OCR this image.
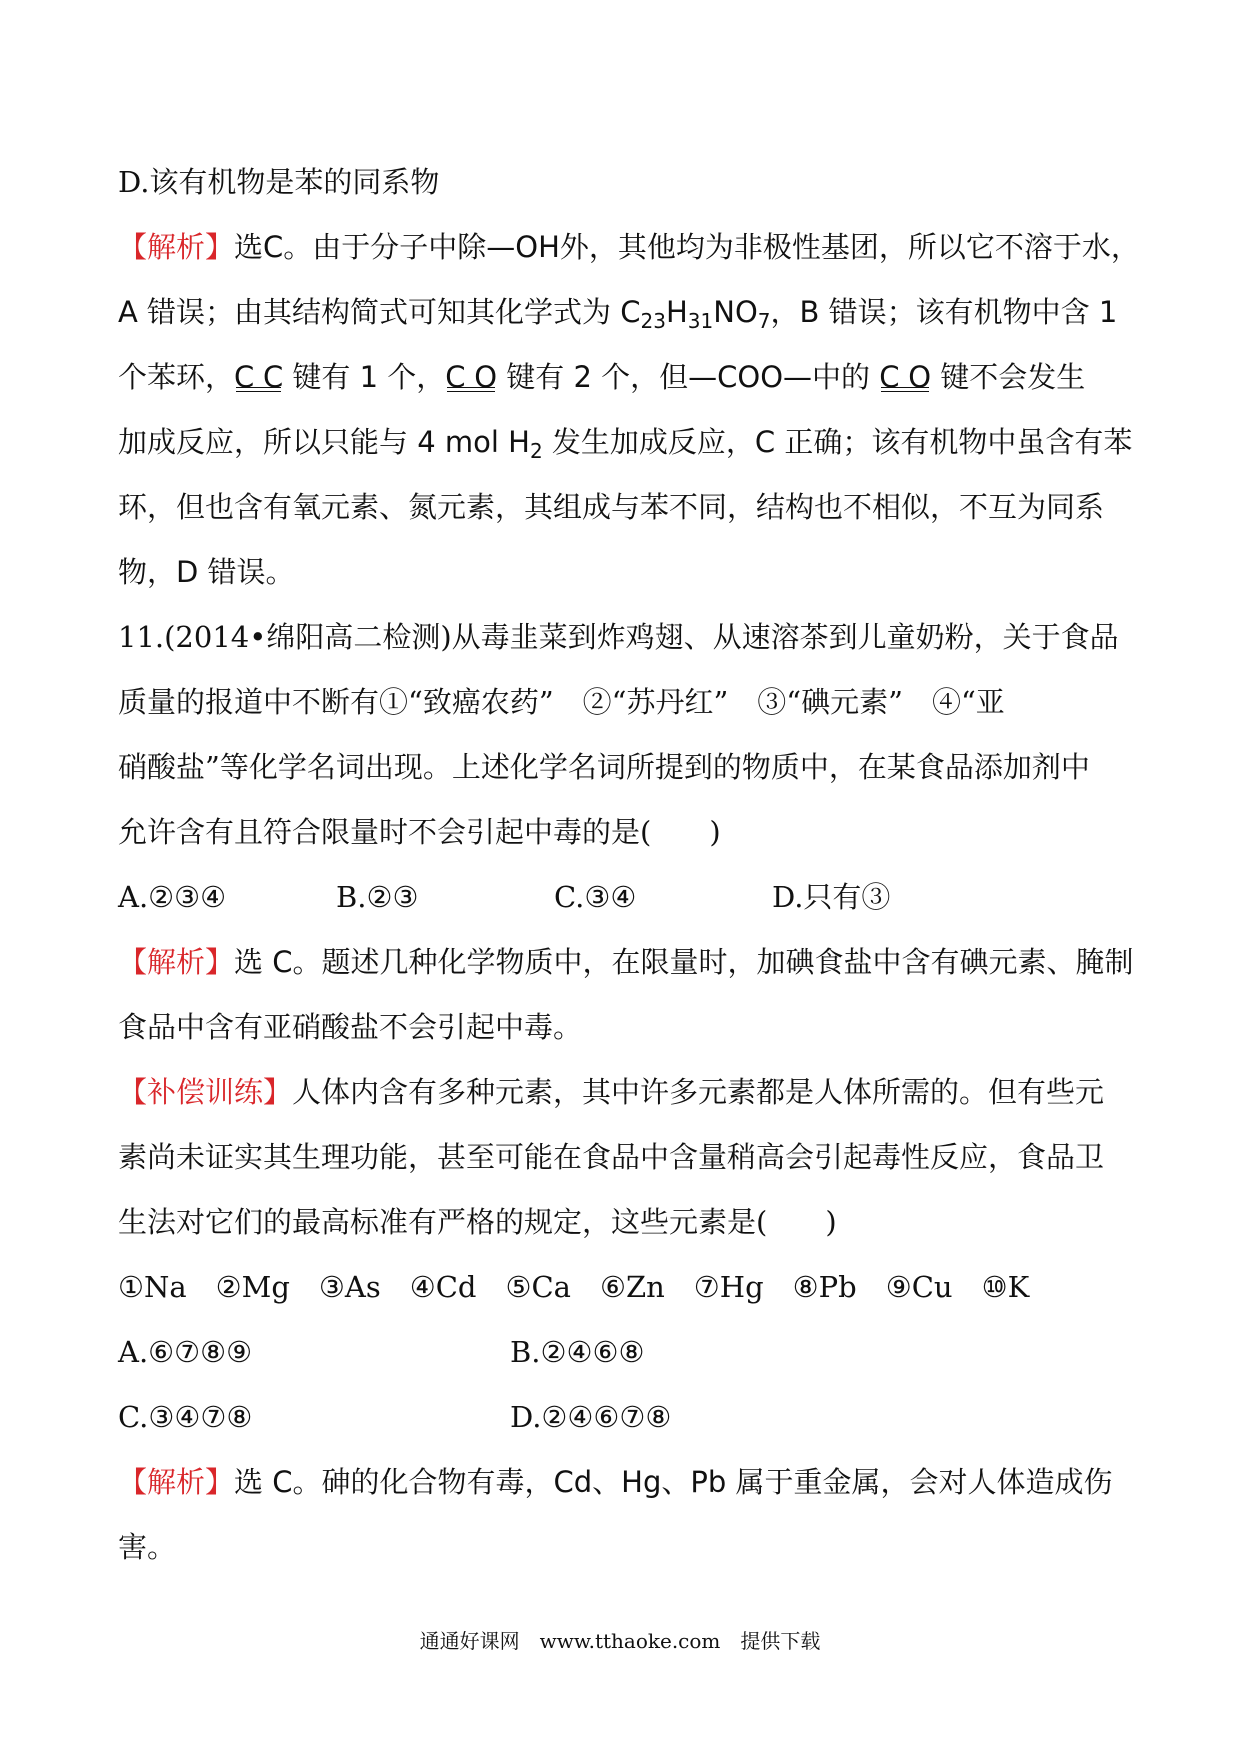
D.该有机物是苯的同系物
【解析】选C。由于分子中除—OH外，其他均为非极性基团，所以它不溶于水，
A 错误；由其结构简式可知其化学式为 $C_{23}H_{31}NO_7$，B 错误；该有机物中含 1
个苯环，C    C 键有 1 个，C    O 键有 2 个，但—COO—中的 C    O 键不会发生
加成反应，所以只能与 4 mol $H_2$ 发生加成反应，C 正确；该有机物中虽含有苯
环，但也含有氧元素、氮元素，其组成与苯不同，结构也不相似，不互为同系
物，D 错误。
11.(2014•绵阳高二检测)从毒韭菜到炸鸡翅、从速溶茶到儿童奶粉，关于食品
质量的报道中不断有①“致癌农药”　②“苏丹红”　③“碘元素”　④“亚
硝酸盐”等化学名词出现。上述化学名词所提到的物质中，在某食品添加剂中
允许含有且符合限量时不会引起中毒的是(　　)
A.②③④	B.②③	C.③④	D.只有③
【解析】选 C。题述几种化学物质中，在限量时，加碘食盐中含有碘元素、腌制
食品中含有亚硝酸盐不会引起中毒。
【补偿训练】人体内含有多种元素，其中许多元素都是人体所需的。但有些元
素尚未证实其生理功能，甚至可能在食品中含量稍高会引起毒性反应，食品卫
生法对它们的最高标准有严格的规定，这些元素是(　　)
①Na　②Mg　③As　④Cd　⑤Ca　⑥Zn　⑦Hg　⑧Pb　⑨Cu　⑩K
A.⑥⑦⑧⑨	B.②④⑥⑧
C.③④⑦⑧	D.②④⑥⑦⑧
【解析】选 C。砷的化合物有毒，Cd、Hg、Pb 属于重金属，会对人体造成伤
害。
通通好课网　www.tthaoke.com　提供下载
